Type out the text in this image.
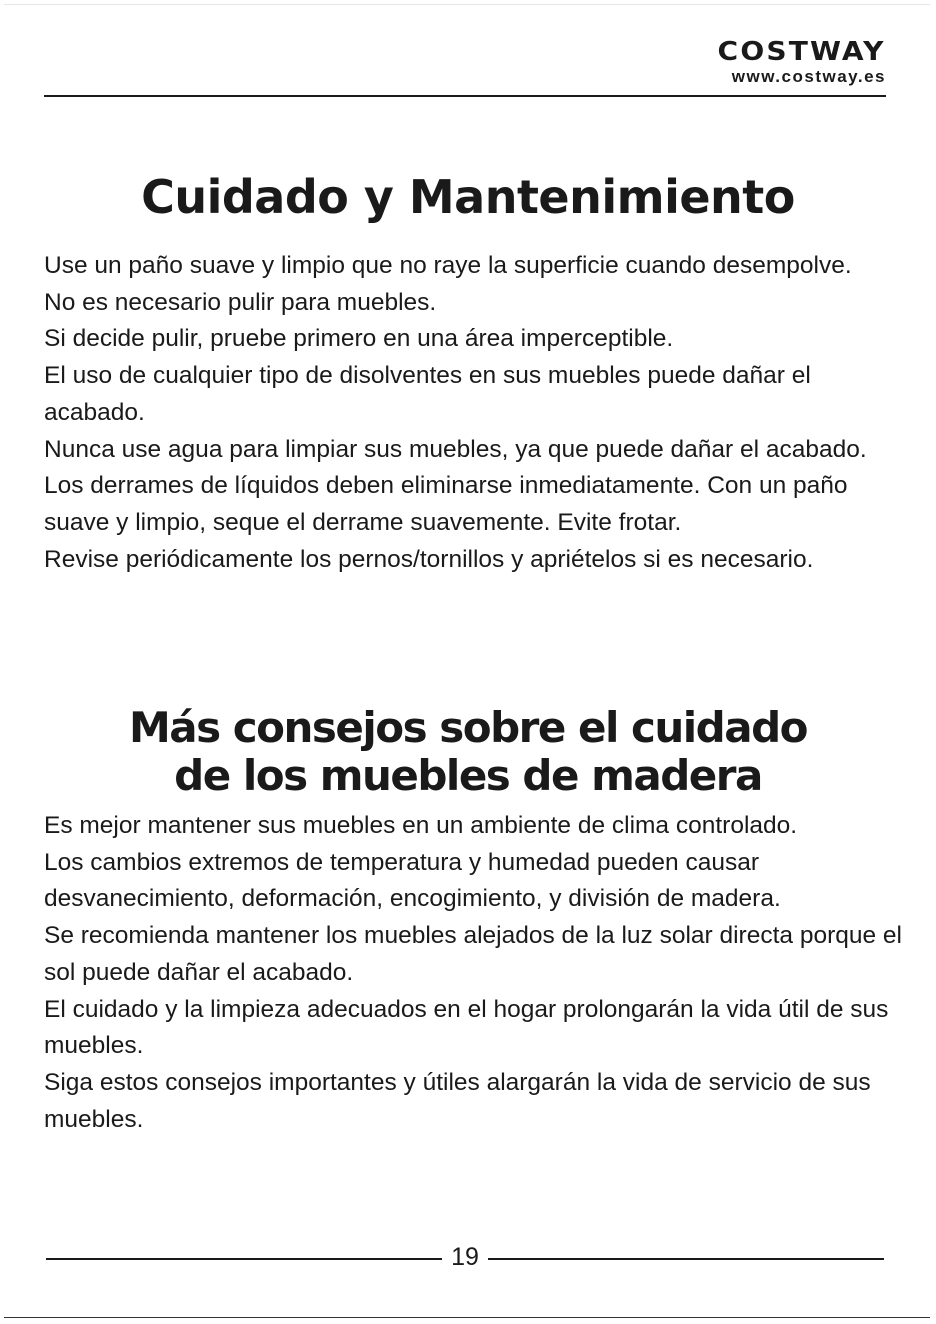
COSTWAY
www.costway.es
Cuidado y Mantenimiento

Use un paño suave y limpio que no raye la superficie cuando desempolve.

No es necesario pulir para muebles.

Si decide pulir, pruebe primero en una área imperceptible.

El uso de cualquier tipo de disolventes en sus muebles puede dañar el acabado.

Nunca use agua para limpiar sus muebles, ya que puede dañar el acabado.

Los derrames de líquidos deben eliminarse inmediatamente. Con un paño suave y limpio, seque el derrame suavemente. Evite frotar.

Revise periódicamente los pernos/tornillos y apriételos si es necesario.

Más consejos sobre el cuidado
de los muebles de madera

Es mejor mantener sus muebles en un ambiente de clima controlado.

Los cambios extremos de temperatura y humedad pueden causar desvanecimiento, deformación, encogimiento, y división de madera.

Se recomienda mantener los muebles alejados de la luz solar directa porque el sol puede dañar el acabado.

El cuidado y la limpieza adecuados en el hogar prolongarán la vida útil de sus muebles.

Siga estos consejos importantes y útiles alargarán la vida de servicio de sus muebles.

19
